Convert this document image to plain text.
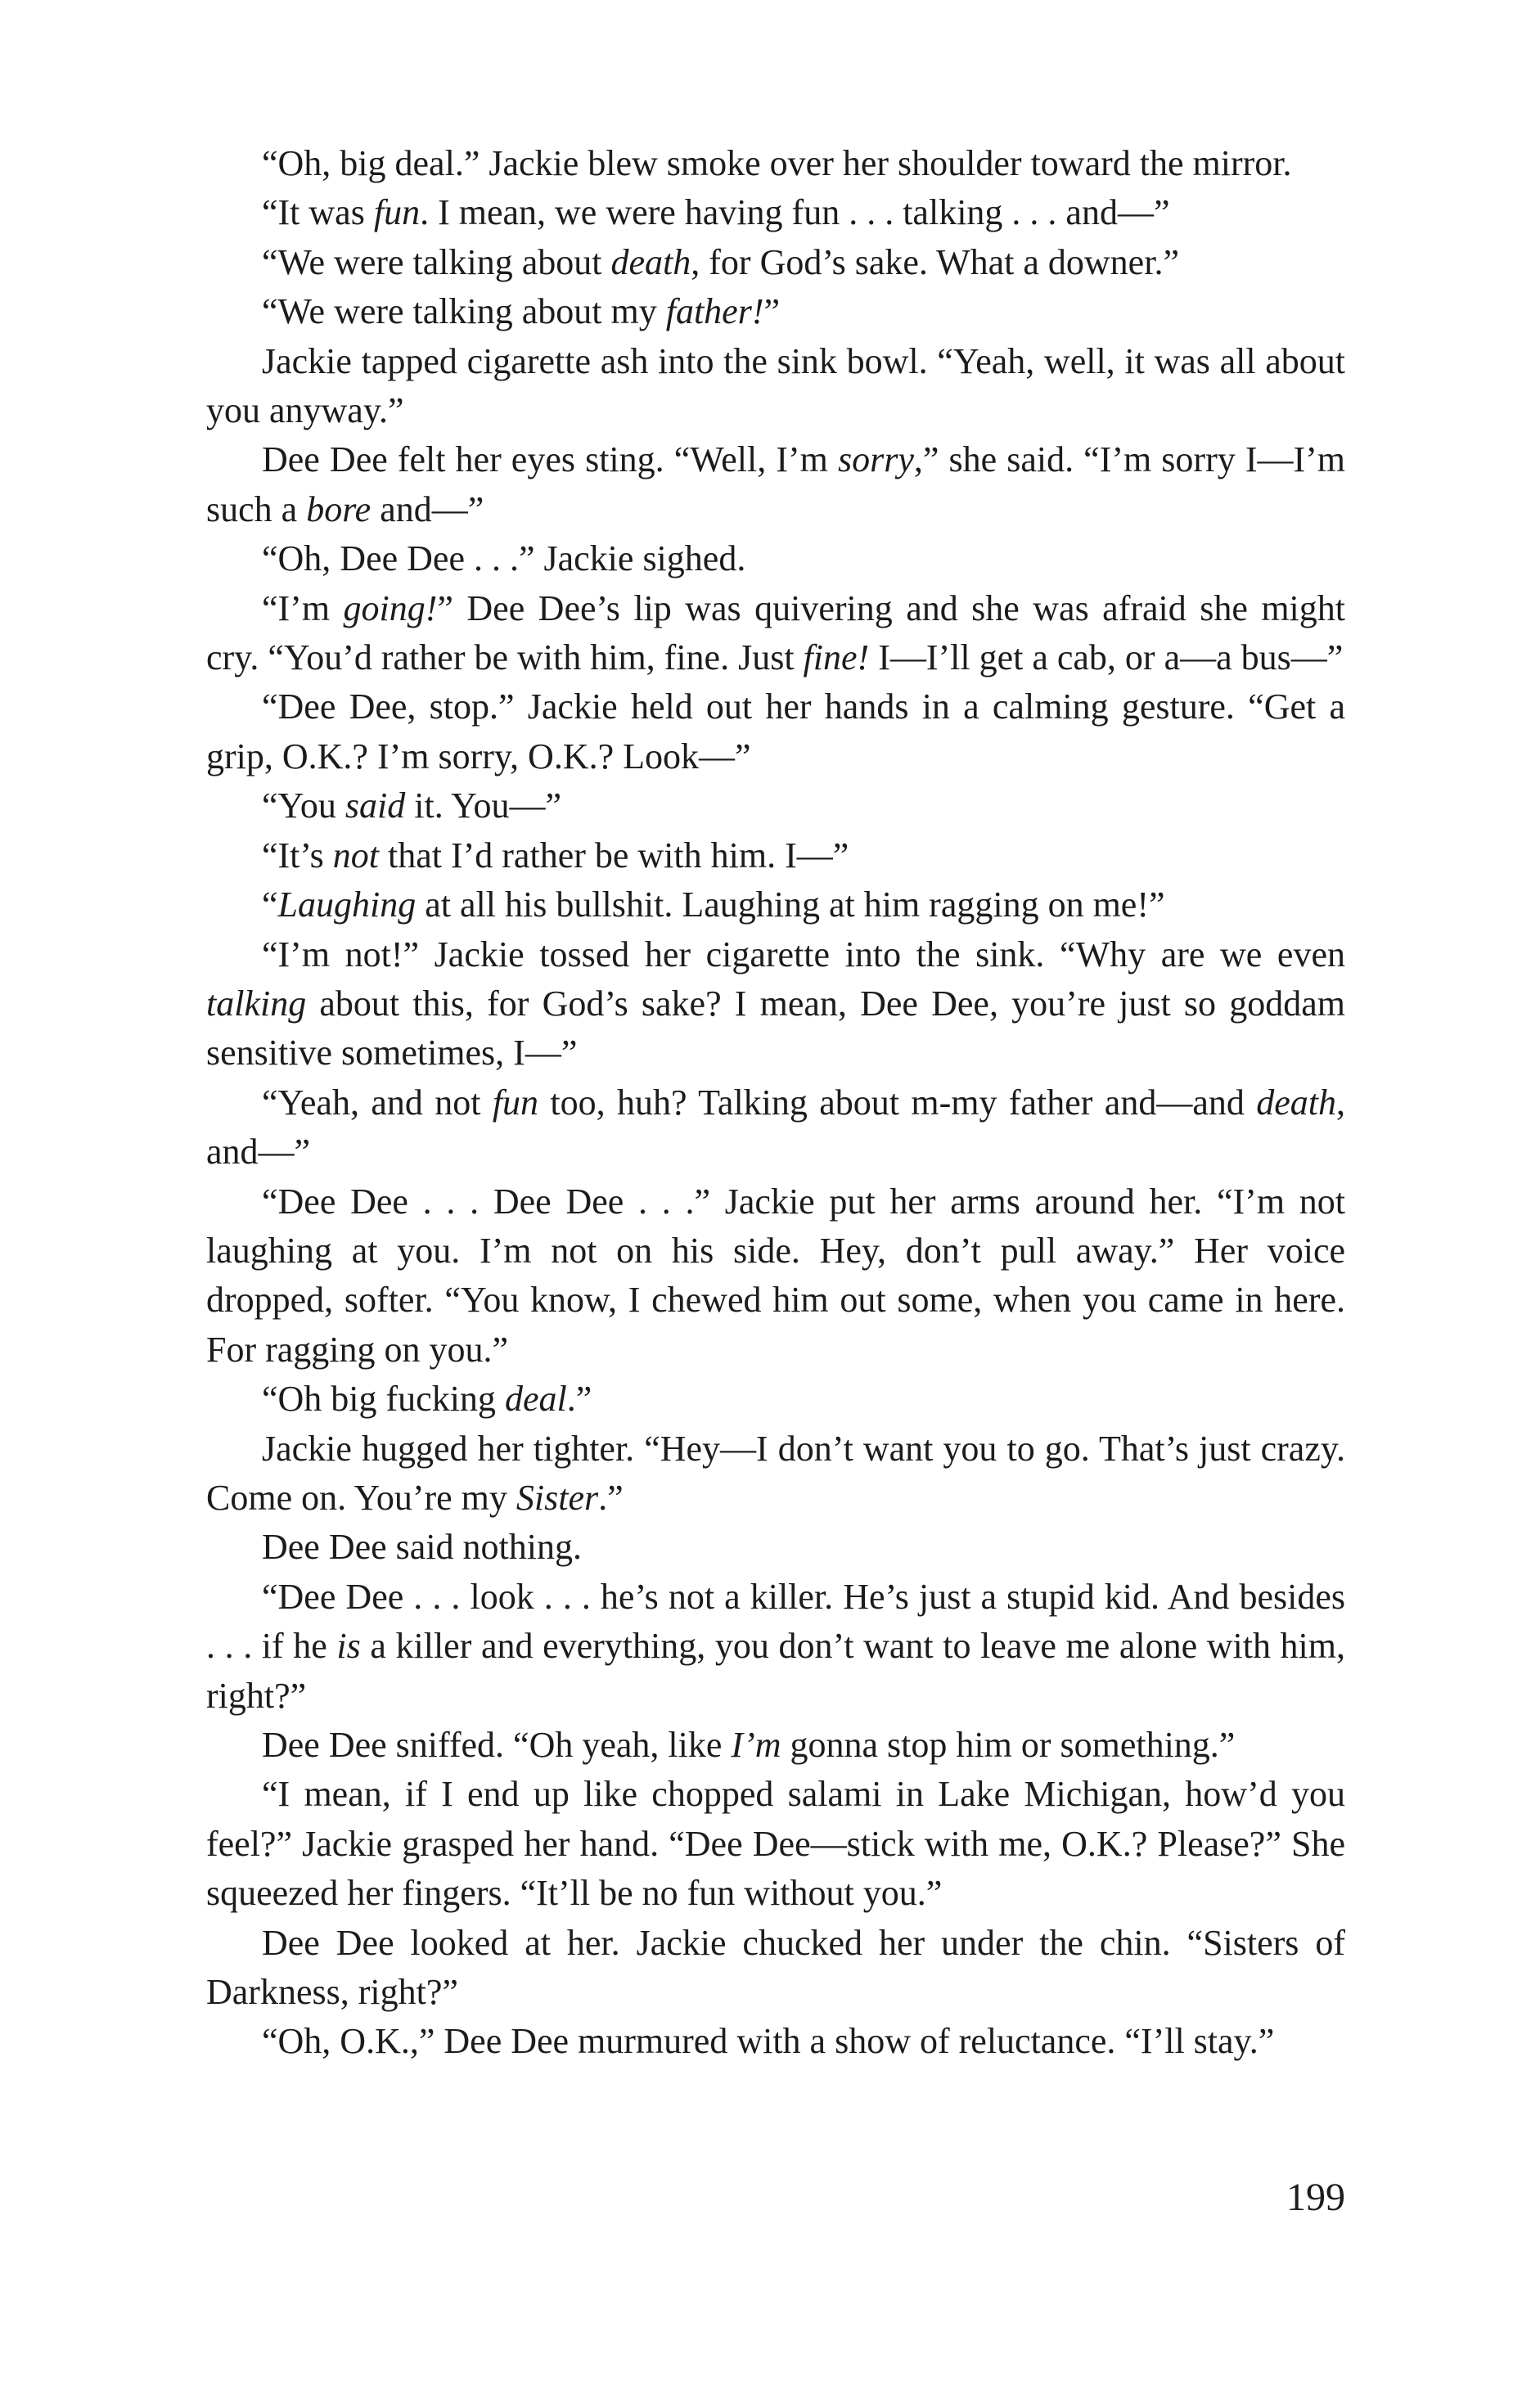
“Oh, big deal.” Jackie blew smoke over her shoulder toward the mirror.

“It was fun. I mean, we were having fun . . . talking . . . and—”

“We were talking about death, for God’s sake. What a downer.”

“We were talking about my father!”

Jackie tapped cigarette ash into the sink bowl. “Yeah, well, it was all about you anyway.”

Dee Dee felt her eyes sting. “Well, I’m sorry,” she said. “I’m sorry I—I’m such a bore and—”

“Oh, Dee Dee . . .” Jackie sighed.

“I’m going!” Dee Dee’s lip was quivering and she was afraid she might cry. “You’d rather be with him, fine. Just fine! I—I’ll get a cab, or a—a bus—”

“Dee Dee, stop.” Jackie held out her hands in a calming gesture. “Get a grip, O.K.? I’m sorry, O.K.? Look—”

“You said it. You—”

“It’s not that I’d rather be with him. I—”

“Laughing at all his bullshit. Laughing at him ragging on me!”

“I’m not!” Jackie tossed her cigarette into the sink. “Why are we even talking about this, for God’s sake? I mean, Dee Dee, you’re just so goddam sensitive sometimes, I—”

“Yeah, and not fun too, huh? Talking about m-my father and—and death, and—”

“Dee Dee . . . Dee Dee . . .” Jackie put her arms around her. “I’m not laughing at you. I’m not on his side. Hey, don’t pull away.” Her voice dropped, softer. “You know, I chewed him out some, when you came in here. For ragging on you.”

“Oh big fucking deal.”

Jackie hugged her tighter. “Hey—I don’t want you to go. That’s just crazy. Come on. You’re my Sister.”

Dee Dee said nothing.

“Dee Dee . . . look . . . he’s not a killer. He’s just a stupid kid. And besides . . . if he is a killer and everything, you don’t want to leave me alone with him, right?”

Dee Dee sniffed. “Oh yeah, like I’m gonna stop him or something.”

“I mean, if I end up like chopped salami in Lake Michigan, how’d you feel?” Jackie grasped her hand. “Dee Dee—stick with me, O.K.? Please?” She squeezed her fingers. “It’ll be no fun without you.”

Dee Dee looked at her. Jackie chucked her under the chin. “Sisters of Darkness, right?”

“Oh, O.K.,” Dee Dee murmured with a show of reluctance. “I’ll stay.”

199
